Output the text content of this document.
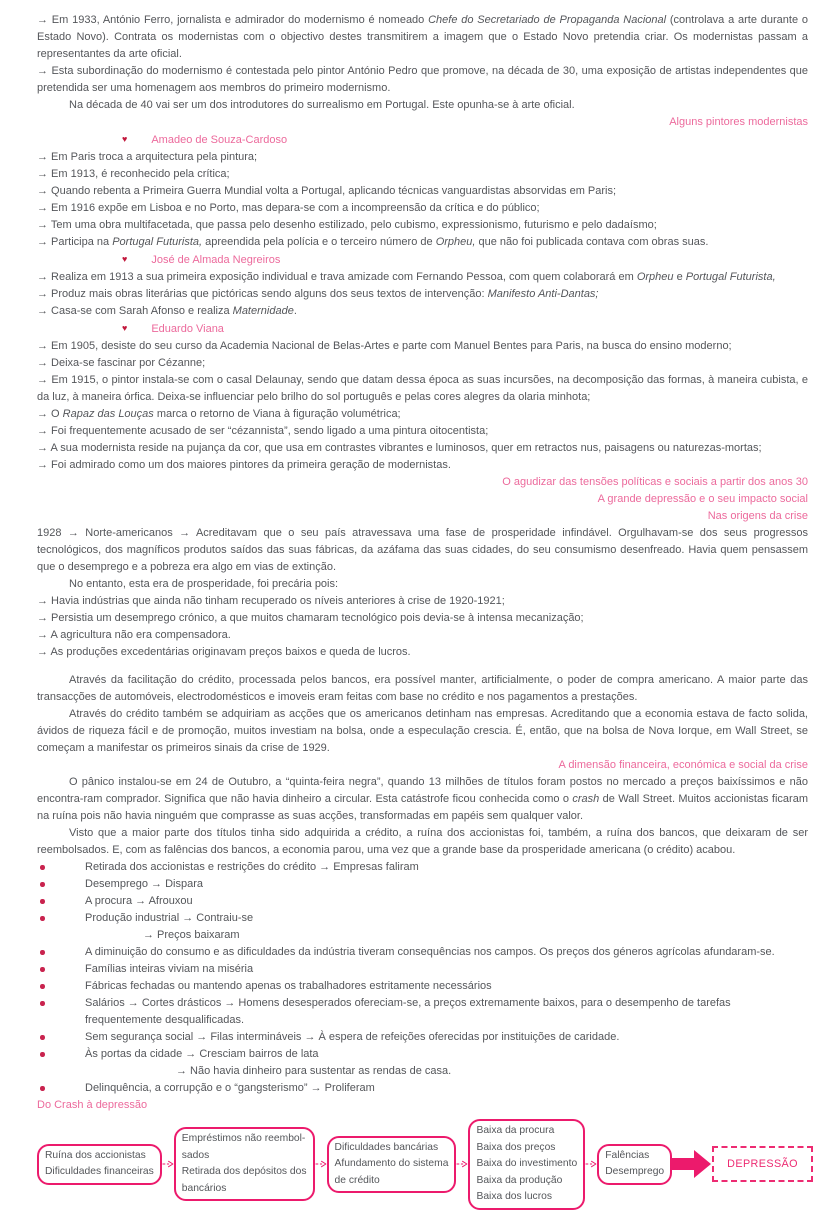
→ Em 1933, António Ferro, jornalista e admirador do modernismo é nomeado Chefe do Secretariado de Propaganda Nacional (controlava a arte durante o Estado Novo). Contrata os modernistas com o objectivo destes transmitirem a imagem que o Estado Novo pretendia criar. Os modernistas passam a representantes da arte oficial.

→ Esta subordinação do modernismo é contestada pelo pintor António Pedro que promove, na década de 30, uma exposição de artistas independentes que pretendida ser uma homenagem aos membros do primeiro modernismo.

Na década de 40 vai ser um dos introdutores do surrealismo em Portugal. Este opunha-se à arte oficial.

Alguns pintores modernistas

♥ Amadeo de Souza-Cardoso

→ Em Paris troca a arquitectura pela pintura;

→ Em 1913, é reconhecido pela crítica;

→ Quando rebenta a Primeira Guerra Mundial volta a Portugal, aplicando técnicas vanguardistas absorvidas em Paris;

→ Em 1916 expõe em Lisboa e no Porto, mas depara-se com a incompreensão da crítica e do público;

→ Tem uma obra multifacetada, que passa pelo desenho estilizado, pelo cubismo, expressionismo, futurismo e pelo dadaísmo;

→ Participa na Portugal Futurista, apreendida pela polícia e o terceiro número de Orpheu, que não foi publicada contava com obras suas.

♥ José de Almada Negreiros

→ Realiza em 1913 a sua primeira exposição individual e trava amizade com Fernando Pessoa, com quem colaborará em Orpheu e Portugal Futurista,

→ Produz mais obras literárias que pictóricas sendo alguns dos seus textos de intervenção: Manifesto Anti-Dantas;

→ Casa-se com Sarah Afonso e realiza Maternidade.

♥ Eduardo Viana

→ Em 1905, desiste do seu curso da Academia Nacional de Belas-Artes e parte com Manuel Bentes para Paris, na busca do ensino moderno;

→ Deixa-se fascinar por Cézanne;

→ Em 1915, o pintor instala-se com o casal Delaunay, sendo que datam dessa época as suas incursões, na decomposição das formas, à maneira cubista, e da luz, à maneira órfica. Deixa-se influenciar pelo brilho do sol português e pelas cores alegres da olaria minhota;

→ O Rapaz das Louças marca o retorno de Viana à figuração volumétrica;

→ Foi frequentemente acusado de ser “cézannista”, sendo ligado a uma pintura oitocentista;

→ A sua modernista reside na pujança da cor, que usa em contrastes vibrantes e luminosos, quer em retractos nus, paisagens ou naturezas-mortas;

→ Foi admirado como um dos maiores pintores da primeira geração de modernistas.

O agudizar das tensões políticas e sociais a partir dos anos 30

A grande depressão e o seu impacto social

Nas origens da crise

1928 → Norte-americanos → Acreditavam que o seu país atravessava uma fase de prosperidade infindável. Orgulhavam-se dos seus progressos tecnológicos, dos magníficos produtos saídos das suas fábricas, da azáfama das suas cidades, do seu consumismo desenfreado. Havia quem pensassem que o desemprego e a pobreza era algo em vias de extinção.

No entanto, esta era de prosperidade, foi precária pois:

→ Havia indústrias que ainda não tinham recuperado os níveis anteriores à crise de 1920-1921;

→ Persistia um desemprego crónico, a que muitos chamaram tecnológico pois devia-se à intensa mecanização;

→ A agricultura não era compensadora.

→ As produções excedentárias originavam preços baixos e queda de lucros.

Através da facilitação do crédito, processada pelos bancos, era possível manter, artificialmente, o poder de compra americano. A maior parte das transacções de automóveis, electrodomésticos e imoveis eram feitas com base no crédito e nos pagamentos a prestações.

Através do crédito também se adquiriam as acções que os americanos detinham nas empresas. Acreditando que a economia estava de facto solida, ávidos de riqueza fácil e de promoção, muitos investiam na bolsa, onde a especulação crescia. É, então, que na bolsa de Nova Iorque, em Wall Street, se começam a manifestar os primeiros sinais da crise de 1929.

A dimensão financeira, económica e social da crise

O pânico instalou-se em 24 de Outubro, a “quinta-feira negra”, quando 13 milhões de títulos foram postos no mercado a preços baixíssimos e não encontra-ram comprador. Significa que não havia dinheiro a circular. Esta catástrofe ficou conhecida como o crash de Wall Street. Muitos accionistas ficaram na ruína pois não havia ninguém que comprasse as suas acções, transformadas em papéis sem qualquer valor.

Visto que a maior parte dos títulos tinha sido adquirida a crédito, a ruína dos accionistas foi, também, a ruína dos bancos, que deixaram de ser reembolsados. E, com as falências dos bancos, a economia parou, uma vez que a grande base da prosperidade americana (o crédito) acabou.

Retirada dos accionistas e restrições do crédito → Empresas faliram

Desemprego → Dispara

A procura → Afrouxou

Produção industrial → Contraiu-se

→ Preços baixaram

A diminuição do consumo e as dificuldades da indústria tiveram consequências nos campos. Os preços dos géneros agrícolas afundaram-se.

Famílias inteiras viviam na miséria

Fábricas fechadas ou mantendo apenas os trabalhadores estritamente necessários

Salários → Cortes drásticos → Homens desesperados ofereciam-se, a preços extremamente baixos, para o desempenho de tarefas frequentemente desqualificadas.

Sem segurança social → Filas intermináveis → À espera de refeições oferecidas por instituições de caridade.

Às portas da cidade → Cresciam bairros de lata

→ Não havia dinheiro para sustentar as rendas de casa.

Delinquência, a corrupção e o “gangsterismo” → Proliferam

Do Crash à depressão

Ruína dos accionistas
Dificuldades financeiras
Empréstimos não reembol-
sados
Retirada dos depósitos dos
bancários
Dificuldades bancárias
Afundamento do sistema
de crédito
Baixa da procura
Baixa dos preços
Baixa do investimento
Baixa da produção
Baixa dos lucros
Falências
Desemprego
DEPRESSÃO
